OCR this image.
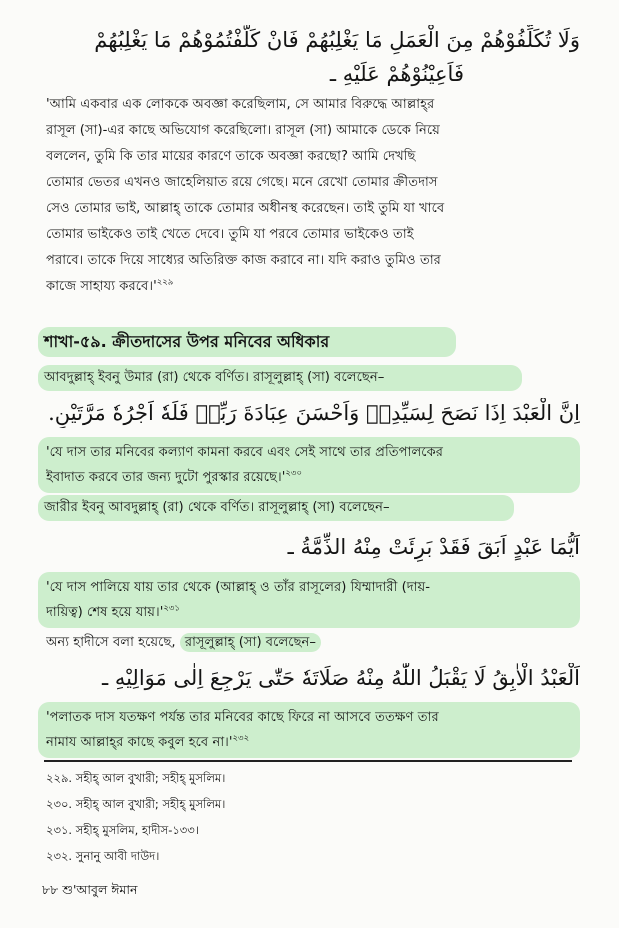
وَلَا تُكَلِّفُوْهُمْ مِنَ الْعَمَلِ مَا يَغْلِبُهُمْ فَانْ كَلَّفْتُمُوْهُمْ مَا يَغْلِبُهُمْ
فَاَعِيْنُوْهُمْ عَلَيْهِ ـ
'আমি একবার এক লোককে অবজ্ঞা করেছিলাম, সে আমার বিরুদ্ধে আল্লাহ্‌র
রাসূল (সা)-এর কাছে অভিযোগ করেছিলো। রাসূল (সা) আমাকে ডেকে নিয়ে
বললেন, তুমি কি তার মায়ের কারণে তাকে অবজ্ঞা করছো? আমি দেখছি
তোমার ভেতর এখনও জাহেলিয়াত রয়ে গেছে। মনে রেখো তোমার ক্রীতদাস
সেও তোমার ভাই, আল্লাহ্‌ তাকে তোমার অধীনস্থ করেছেন। তাই তুমি যা খাবে
তোমার ভাইকেও তাই খেতে দেবে। তুমি যা পরবে তোমার ভাইকেও তাই
পরাবে। তাকে দিয়ে সাধ্যের অতিরিক্ত কাজ করাবে না। যদি করাও তুমিও তার
কাজে সাহায্য $করবে।'^{২২৯}$
শাখা-৫৯. ক্রীতদাসের উপর মনিবের অধিকার
আবদুল্লাহ্‌ ইবনু উমার (রা) থেকে বর্ণিত। রাসূলুল্লাহ্‌ (সা) বলেছেন–
اِنَّ الْعَبْدَ اِذَا نَصَحَ لِسَيِّدِهٖ وَاَحْسَنَ عِبَادَةَ رَبِّهٖ فَلَهٗ اَجْرُهٗ مَرَّتَيْنِ.
'যে দাস তার মনিবের কল্যাণ কামনা করবে এবং সেই সাথে তার প্রতিপালকের
ইবাদাত করবে তার জন্য দুটো পুরস্কার $রয়েছে।'^{২৩০}$
জারীর ইবনু আবদুল্লাহ্‌ (রা) থেকে বর্ণিত। রাসূলুল্লাহ্‌ (সা) বলেছেন–
اَيُّمَا عَبْدٍ اَبَقَ فَقَدْ بَرِئَتْ مِنْهُ الذِّمَّةُ ـ
'যে দাস পালিয়ে যায় তার থেকে (আল্লাহ্‌ ও তাঁর রাসূলের) যিম্মাদারী (দায়-
দায়িত্ব) শেষ হয়ে $যায়।'^{২৩১}$
অন্য হাদীসে বলা হয়েছে, রাসূলুল্লাহ্‌ (সা) বলেছেন–
اَلْعَبْدُ الْاٰبِقُ لَا يَقْبَلُ اللّٰهُ مِنْهُ صَلَاتَهٗ حَتّٰى يَرْجِعَ اِلٰى مَوَالِيْهِ ـ
'পলাতক দাস যতক্ষণ পর্যন্ত তার মনিবের কাছে ফিরে না আসবে ততক্ষণ তার
নামায আল্লাহ্‌র কাছে কবুল হবে $না।'^{২৩২}$
২২৯. সহীহ্‌ আল বুখারী; সহীহ্‌ মুসলিম।
২৩০. সহীহ্‌ আল বুখারী; সহীহ্‌ মুসলিম।
২৩১. সহীহ্‌ মুসলিম, হাদীস-১৩৩।
২৩২. সুনানু আবী দাউদ।
৮৮ শু'আবুল ঈমান
